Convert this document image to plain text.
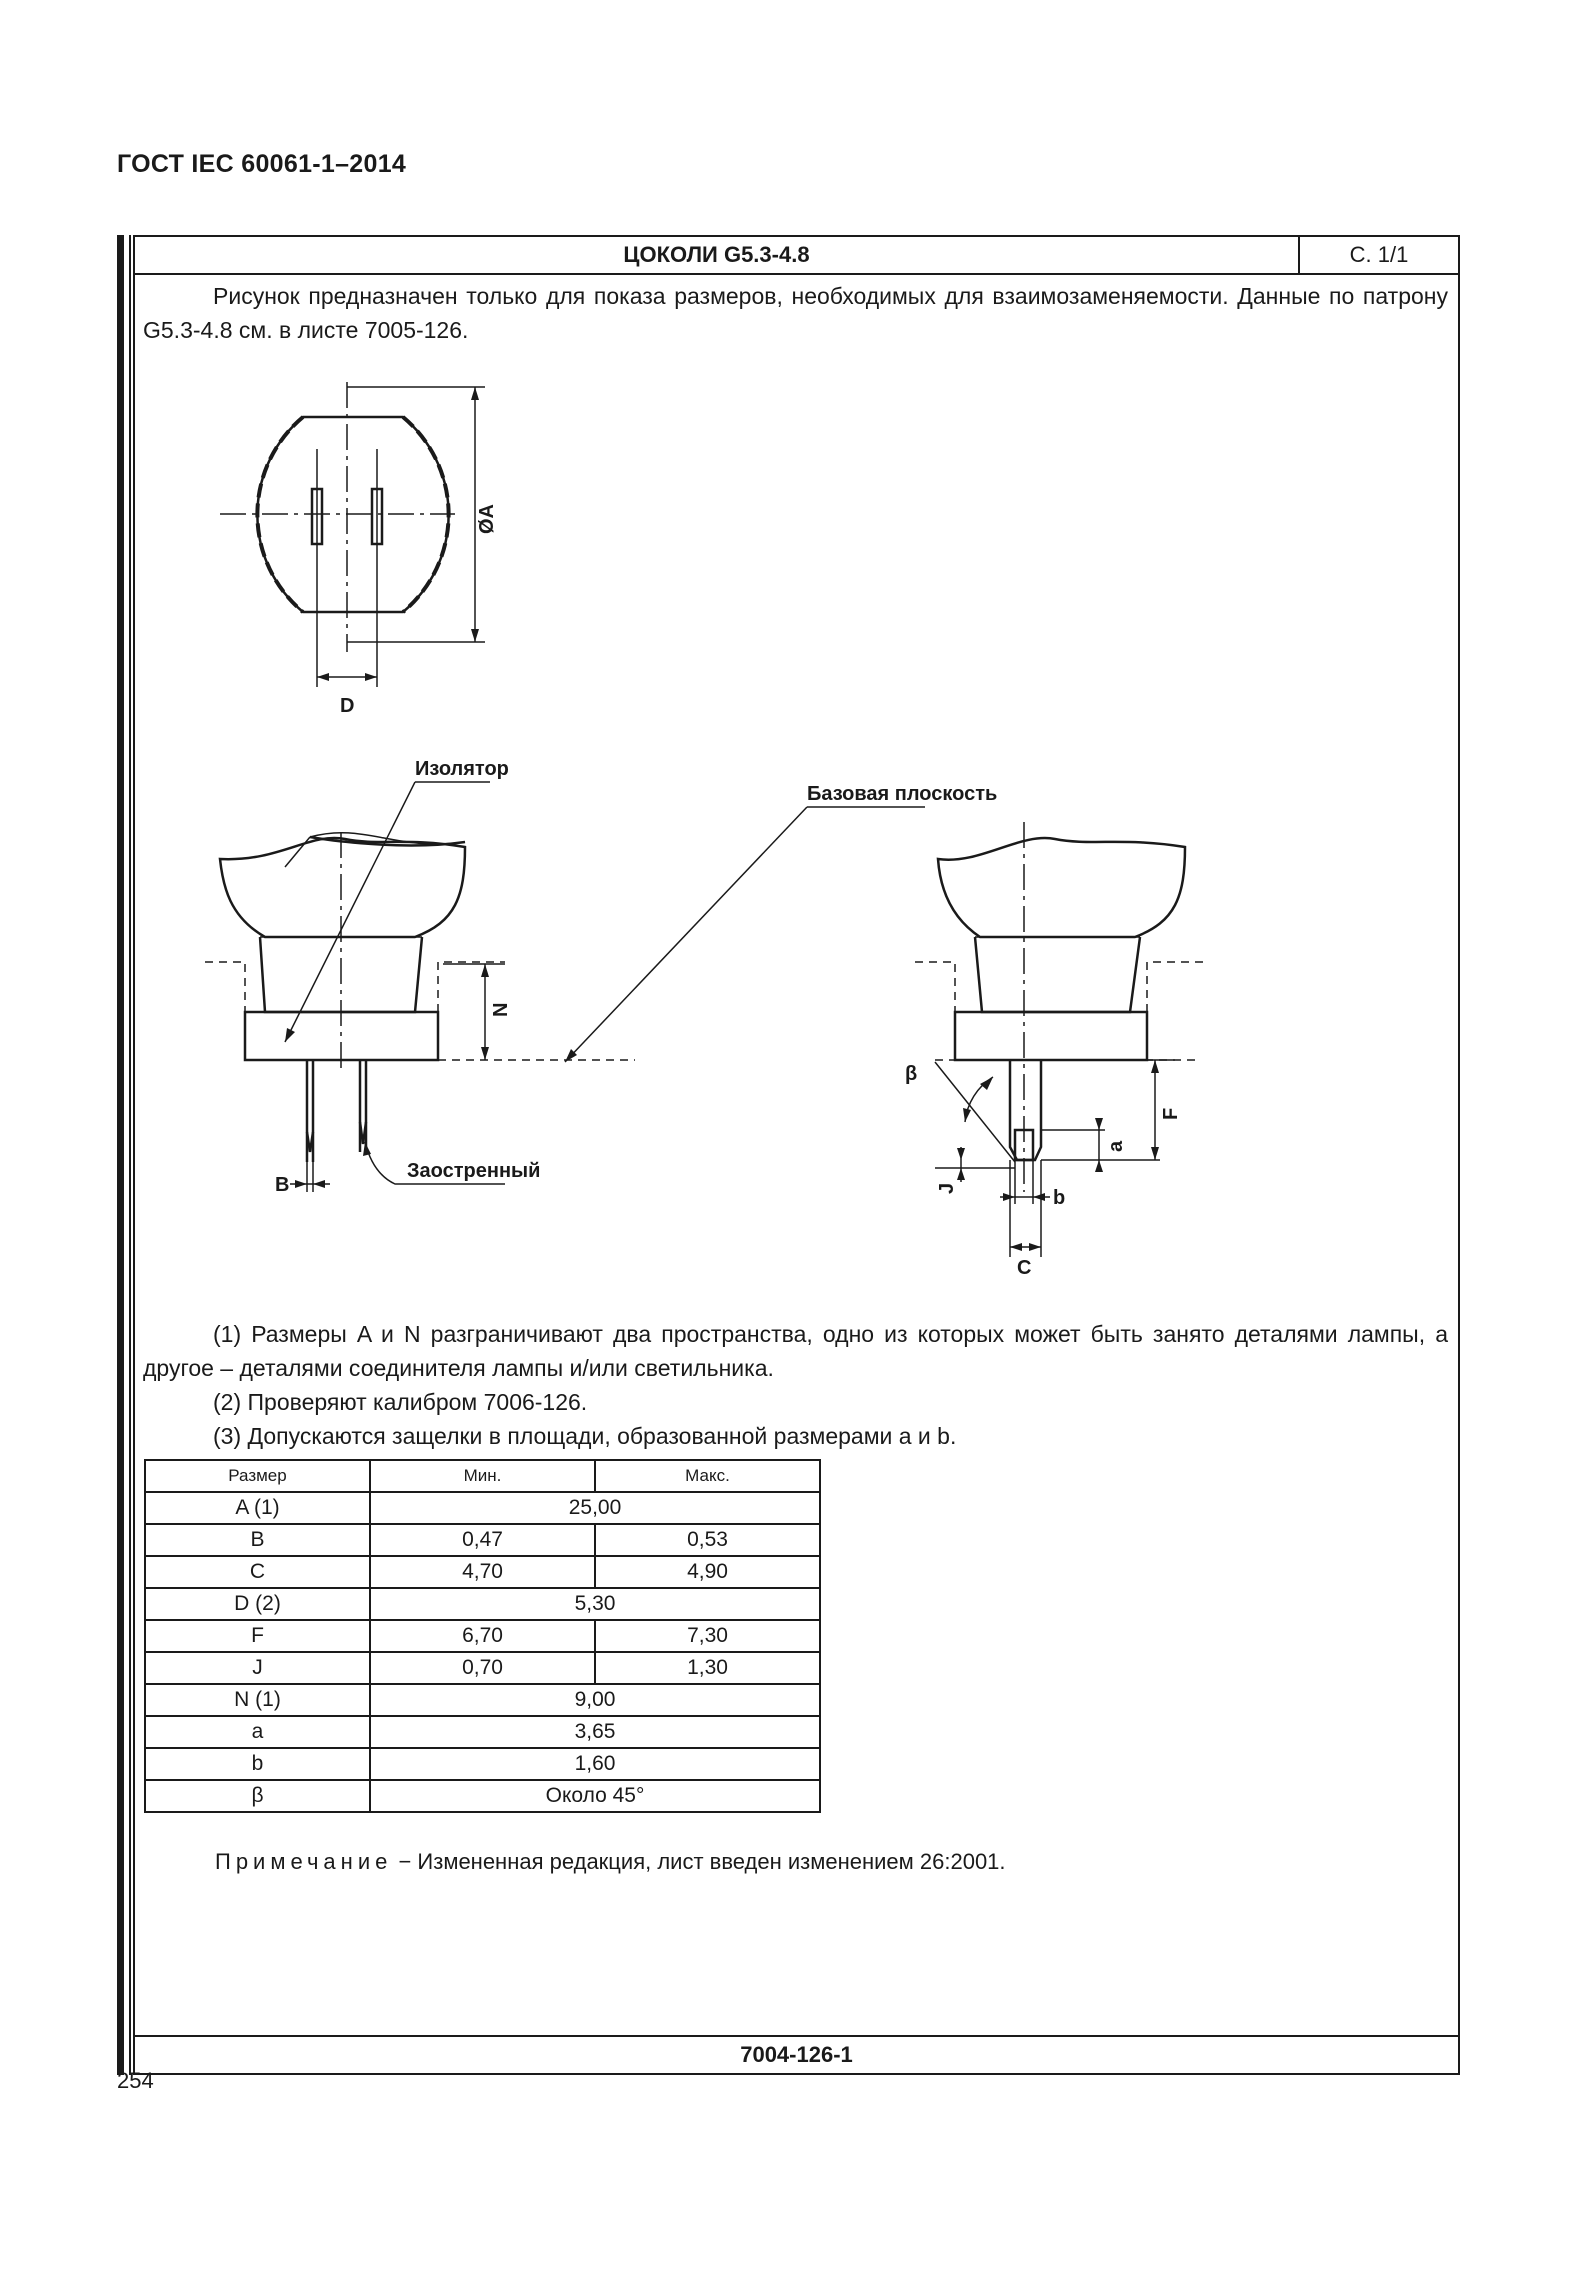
ГОСТ IEC 60061-1–2014
ЦОКОЛИ G5.3-4.8	С. 1/1

Рисунок предназначен только для показа размеров, необходимых для взаимозаменяемости. Данные по патрону G5.3-4.8 см. в листе 7005-126.

ØA
D
Изолятор
Базовая плоскость
N
B
Заостренный
β
J
a
F
b
C

(1) Размеры A и N разграничивают два пространства, одно из которых может быть занято деталями лампы, а другое – деталями соединителя лампы и/или светильника.

(2) Проверяют калибром 7006-126.

(3) Допускаются защелки в площади, образованной размерами a и b.

Размер	Мин.	Макс.
A (1)	25,00	
B	0,47	0,53
C	4,70	4,90
D (2)	5,30	
F	6,70	7,30
J	0,70	1,30
N (1)	9,00	
a	3,65	
b	1,60	
β	Около 45°	
Примечание − Измененная редакция, лист введен изменением 26:2001.
7004-126-1
254
